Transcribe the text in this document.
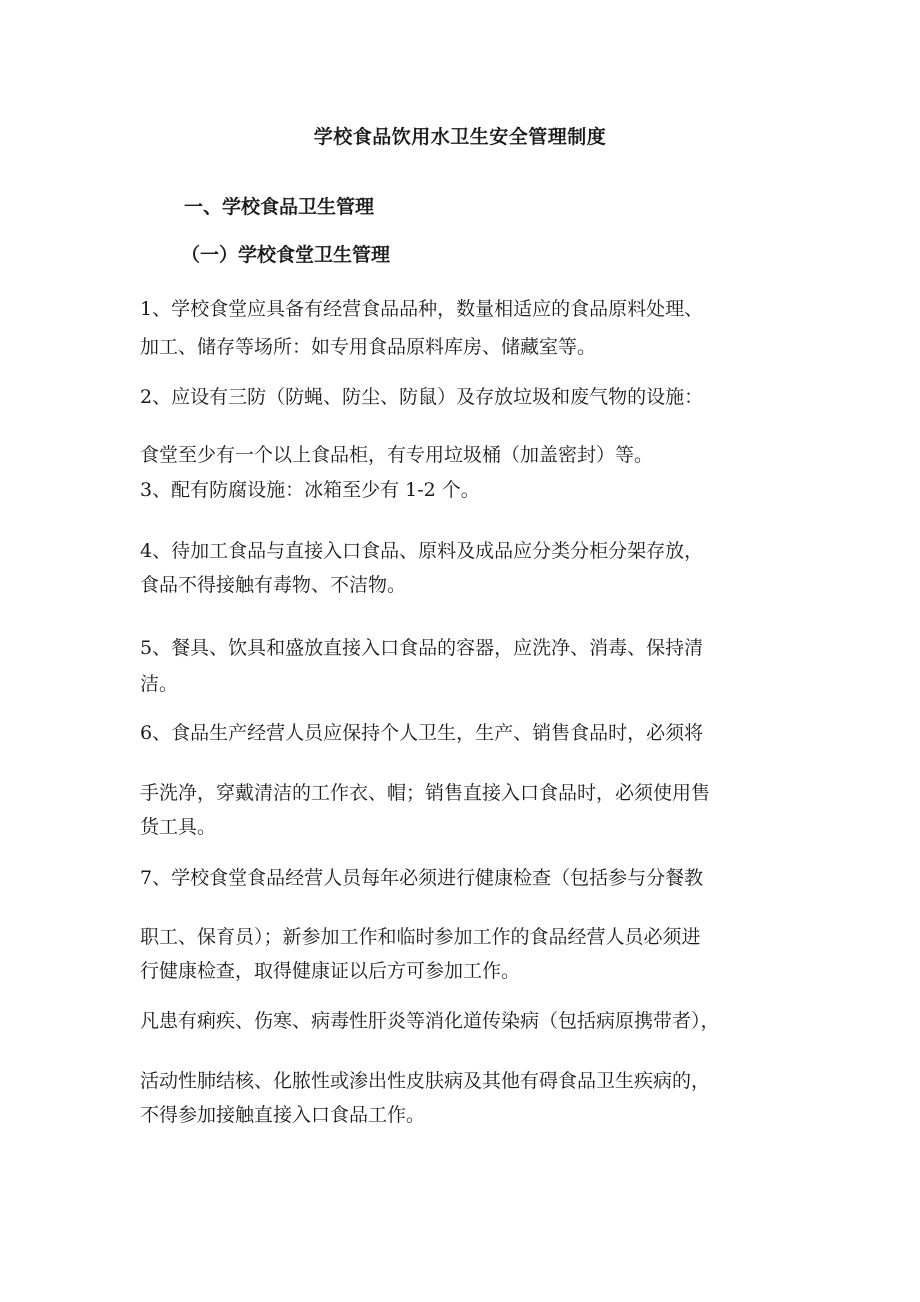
学校食品饮用水卫生安全管理制度
一、学校食品卫生管理
（一）学校食堂卫生管理
1、学校食堂应具备有经营食品品种，数量相适应的食品原料处理、
加工、储存等场所：如专用食品原料库房、储藏室等。
2、应设有三防（防蝇、防尘、防鼠）及存放垃圾和废气物的设施：
食堂至少有一个以上食品柜，有专用垃圾桶（加盖密封）等。
3、配有防腐设施：冰箱至少有 1-2 个。
4、待加工食品与直接入口食品、原料及成品应分类分柜分架存放，
食品不得接触有毒物、不洁物。
5、餐具、饮具和盛放直接入口食品的容器，应洗净、消毒、保持清
洁。
6、食品生产经营人员应保持个人卫生，生产、销售食品时，必须将
手洗净，穿戴清洁的工作衣、帽；销售直接入口食品时，必须使用售
货工具。
7、学校食堂食品经营人员每年必须进行健康检查（包括参与分餐教
职工、保育员）；新参加工作和临时参加工作的食品经营人员必须进
行健康检查，取得健康证以后方可参加工作。
凡患有痢疾、伤寒、病毒性肝炎等消化道传染病（包括病原携带者），
活动性肺结核、化脓性或渗出性皮肤病及其他有碍食品卫生疾病的，
不得参加接触直接入口食品工作。
